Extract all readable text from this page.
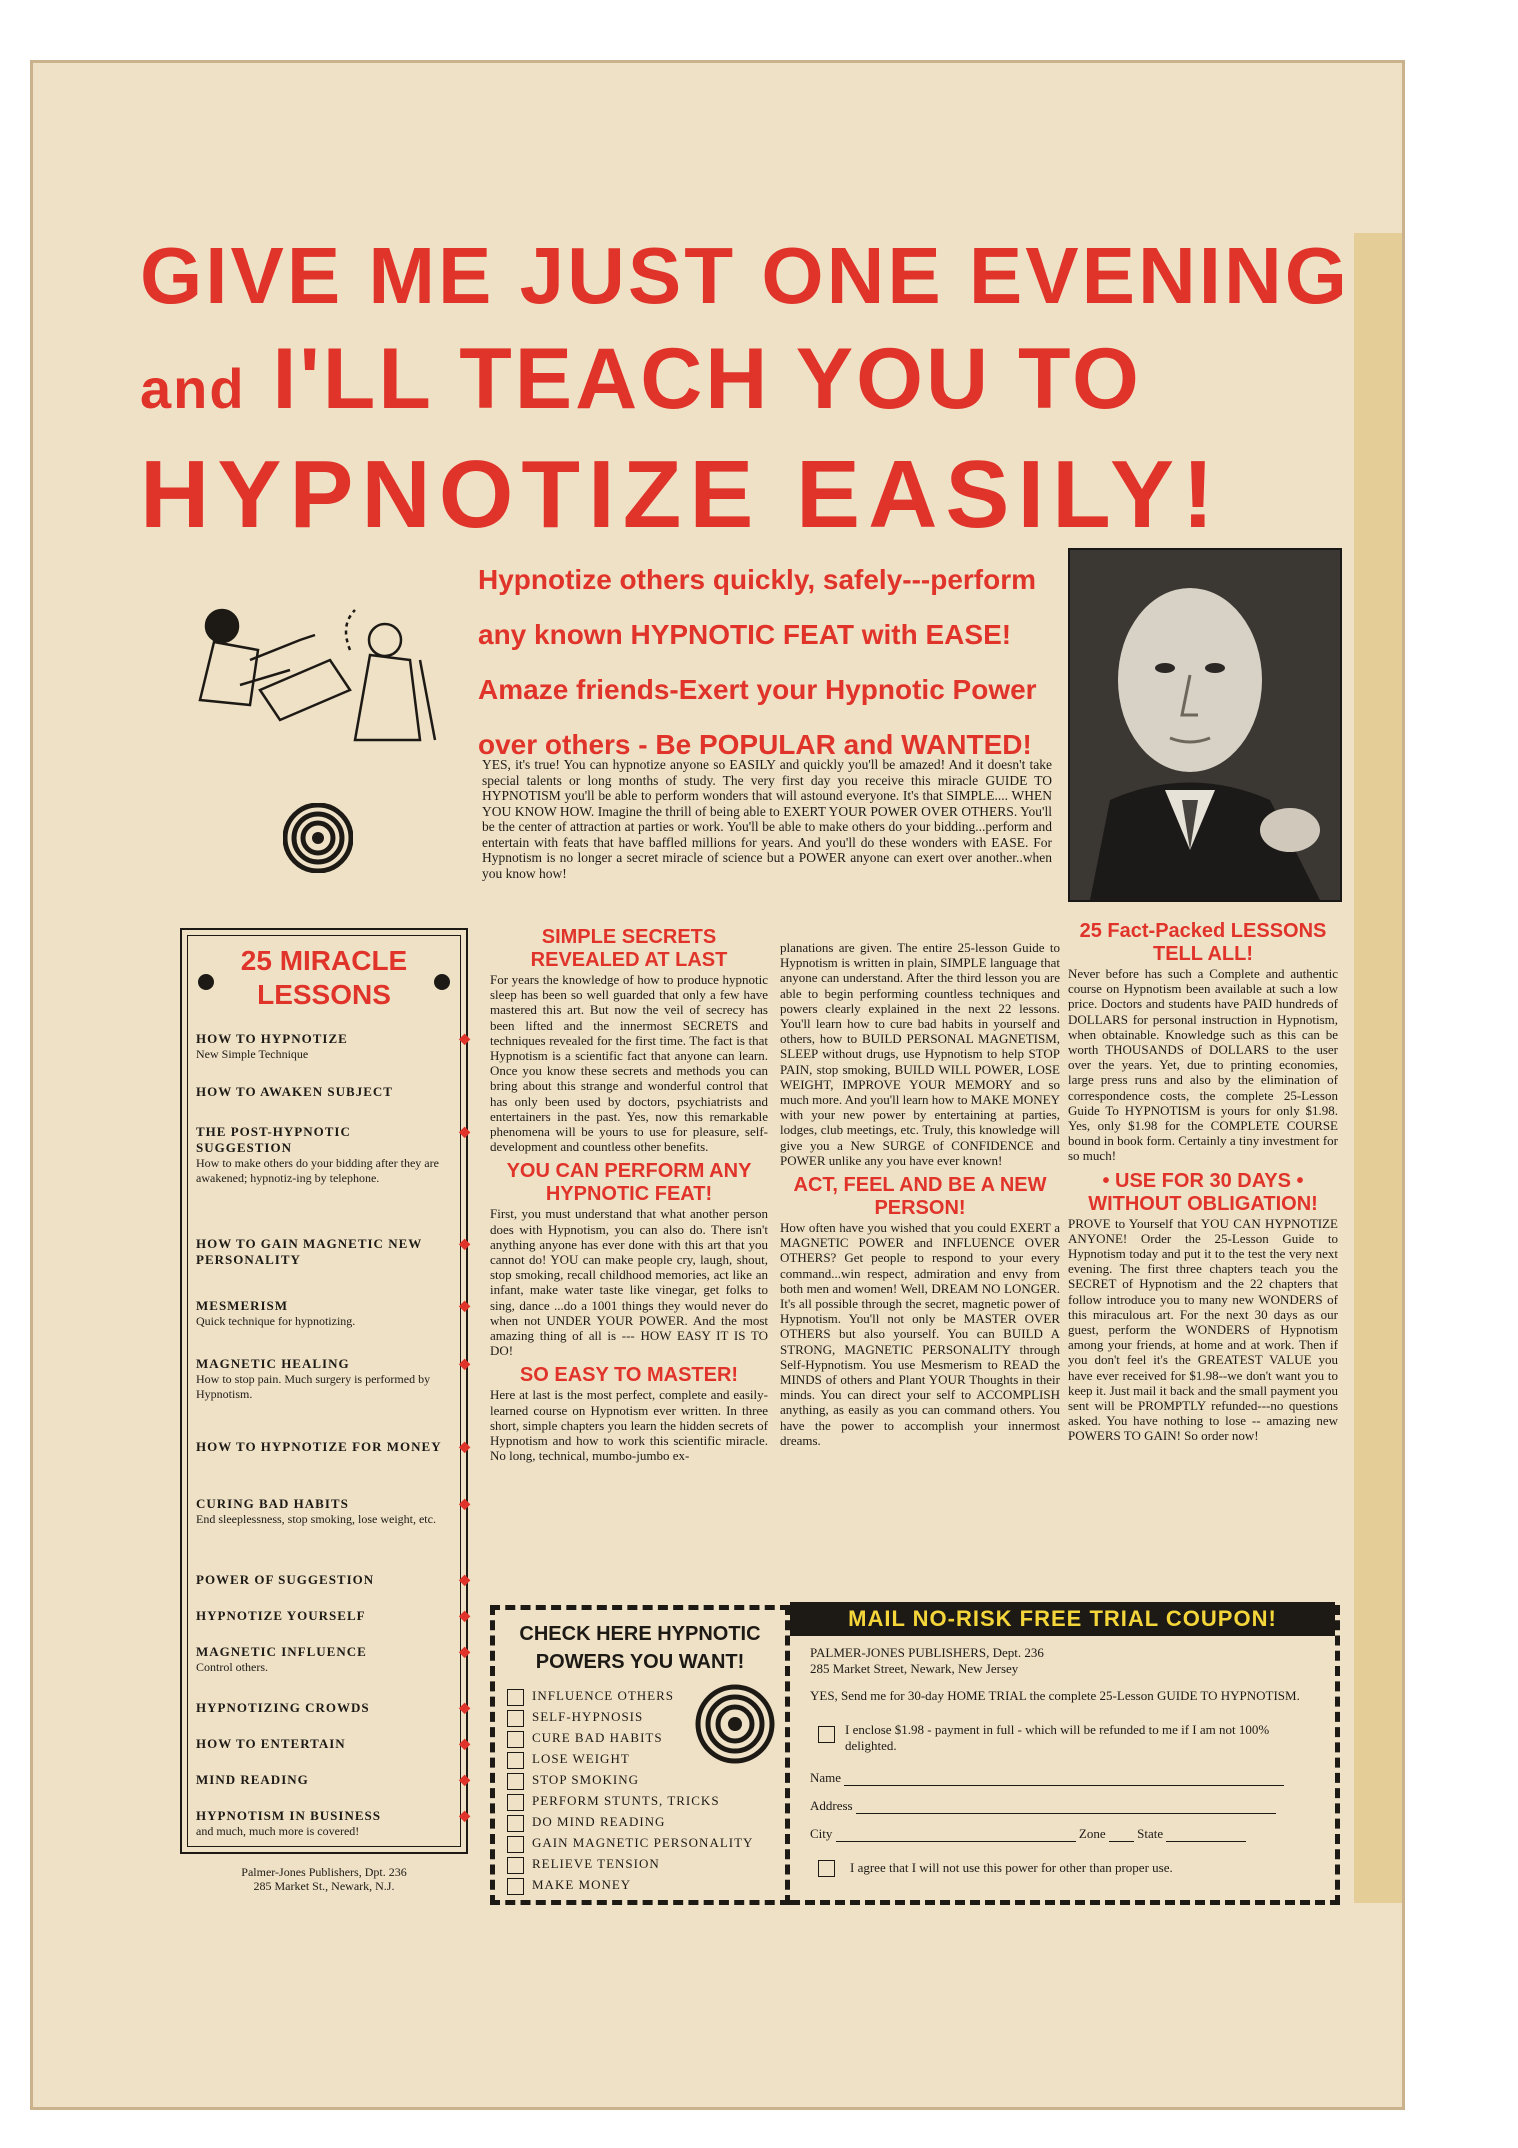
GIVE ME JUST ONE EVENING
and I'LL TEACH YOU TO
HYPNOTIZE EASILY!
Hypnotize others quickly, safely---perform
any known HYPNOTIC FEAT with EASE!
Amaze friends-Exert your Hypnotic Power
over others - Be POPULAR and WANTED!
YES, it's true! You can hypnotize anyone so EASILY and quickly you'll be amazed! And it doesn't take special talents or long months of study. The very first day you receive this miracle GUIDE TO HYPNOTISM you'll be able to perform wonders that will astound everyone. It's that SIMPLE.... WHEN YOU KNOW HOW. Imagine the thrill of being able to EXERT YOUR POWER OVER OTHERS. You'll be the center of attraction at parties or work. You'll be able to make others do your bidding...perform and entertain with feats that have baffled millions for years. And you'll do these wonders with EASE. For Hypnotism is no longer a secret miracle of science but a POWER anyone can exert over another..when you know how!
25 MIRACLE
LESSONS
HOW TO HYPNOTIZE	◆
New Simple Technique
HOW TO AWAKEN SUBJECT
THE POST-HYPNOTIC SUGGESTION
◆
How to make others do your bidding after they are awakened; hypnotiz-ing by telephone.
HOW TO GAIN MAGNETIC NEW PERSONALITY
◆
MESMERISM	◆
Quick technique for hypnotizing.
MAGNETIC HEALING	◆
How to stop pain. Much surgery is performed by Hypnotism.
HOW TO HYPNOTIZE FOR MONEY ◆
CURING BAD HABITS	◆
End sleeplessness, stop smoking, lose weight, etc.
POWER OF SUGGESTION	◆
HYPNOTIZE YOURSELF	◆
MAGNETIC INFLUENCE	◆
Control others.
HYPNOTIZING CROWDS	◆
HOW TO ENTERTAIN	◆
MIND READING	◆
HYPNOTISM IN BUSINESS	◆
and much, much more is covered!
Palmer-Jones Publishers, Dpt. 236
285 Market St., Newark, N.J.
SIMPLE SECRETS REVEALED AT LAST
For years the knowledge of how to produce hypnotic sleep has been so well guarded that only a few have mastered this art. But now the veil of secrecy has been lifted and the innermost SECRETS and techniques revealed for the first time. The fact is that Hypnotism is a scientific fact that anyone can learn. Once you know these secrets and methods you can bring about this strange and wonderful control that has only been used by doctors, psychiatrists and entertainers in the past. Yes, now this remarkable phenomena will be yours to use for pleasure, self-development and countless other benefits.
YOU CAN PERFORM ANY HYPNOTIC FEAT!
First, you must understand that what another person does with Hypnotism, you can also do. There isn't anything anyone has ever done with this art that you cannot do! YOU can make people cry, laugh, shout, stop smoking, recall childhood memories, act like an infant, make water taste like vinegar, get folks to sing, dance ...do a 1001 things they would never do when not UNDER YOUR POWER. And the most amazing thing of all is --- HOW EASY IT IS TO DO!
SO EASY TO MASTER!
Here at last is the most perfect, complete and easily-learned course on Hypnotism ever written. In three short, simple chapters you learn the hidden secrets of Hypnotism and how to work this scientific miracle. No long, technical, mumbo-jumbo ex-
planations are given. The entire 25-lesson Guide to Hypnotism is written in plain, SIMPLE language that anyone can understand. After the third lesson you are able to begin performing countless techniques and powers clearly explained in the next 22 lessons. You'll learn how to cure bad habits in yourself and others, how to BUILD PERSONAL MAGNETISM, SLEEP without drugs, use Hypnotism to help STOP PAIN, stop smoking, BUILD WILL POWER, LOSE WEIGHT, IMPROVE YOUR MEMORY and so much more. And you'll learn how to MAKE MONEY with your new power by entertaining at parties, lodges, club meetings, etc. Truly, this knowledge will give you a New SURGE of CONFIDENCE and POWER unlike any you have ever known!
ACT, FEEL AND BE A NEW PERSON!
How often have you wished that you could EXERT a MAGNETIC POWER and INFLUENCE OVER OTHERS? Get people to respond to your every command...win respect, admiration and envy from both men and women! Well, DREAM NO LONGER. It's all possible through the secret, magnetic power of Hypnotism. You'll not only be MASTER OVER OTHERS but also yourself. You can BUILD A STRONG, MAGNETIC PERSONALITY through Self-Hypnotism. You use Mesmerism to READ the MINDS of others and Plant YOUR Thoughts in their minds. You can direct your self to ACCOMPLISH anything, as easily as you can command others. You have the power to accomplish your innermost dreams.
25 Fact-Packed LESSONS TELL ALL!
Never before has such a Complete and authentic course on Hypnotism been available at such a low price. Doctors and students have PAID hundreds of DOLLARS for personal instruction in Hypnotism, when obtainable. Knowledge such as this can be worth THOUSANDS of DOLLARS to the user over the years. Yet, due to printing economies, large press runs and also by the elimination of correspondence costs, the complete 25-Lesson Guide To HYPNOTISM is yours for only $1.98. Yes, only $1.98 for the COMPLETE COURSE bound in book form. Certainly a tiny investment for so much!
• USE FOR 30 DAYS • WITHOUT OBLIGATION!
PROVE to Yourself that YOU CAN HYPNOTIZE ANYONE! Order the 25-Lesson Guide to Hypnotism today and put it to the test the very next evening. The first three chapters teach you the SECRET of Hypnotism and the 22 chapters that follow introduce you to many new WONDERS of this miraculous art. For the next 30 days as our guest, perform the WONDERS of Hypnotism among your friends, at home and at work. Then if you don't feel it's the GREATEST VALUE you have ever received for $1.98--we don't want you to keep it. Just mail it back and the small payment you sent will be PROMPTLY refunded---no questions asked. You have nothing to lose -- amazing new POWERS TO GAIN! So order now!
CHECK HERE HYPNOTIC
POWERS YOU WANT!
INFLUENCE OTHERS
SELF-HYPNOSIS
CURE BAD HABITS
LOSE WEIGHT
STOP SMOKING
PERFORM STUNTS, TRICKS
DO MIND READING
GAIN MAGNETIC PERSONALITY
RELIEVE TENSION
MAKE MONEY
MAIL NO-RISK FREE TRIAL COUPON!
PALMER-JONES PUBLISHERS, Dept. 236
285 Market Street, Newark, New Jersey
YES, Send me for 30-day HOME TRIAL the complete 25-Lesson GUIDE TO HYPNOTISM.
I enclose $1.98 - payment in full - which will be refunded to me if I am not 100% delighted.
Name
Address
City	Zone State
I agree that I will not use this power for other than proper use.
